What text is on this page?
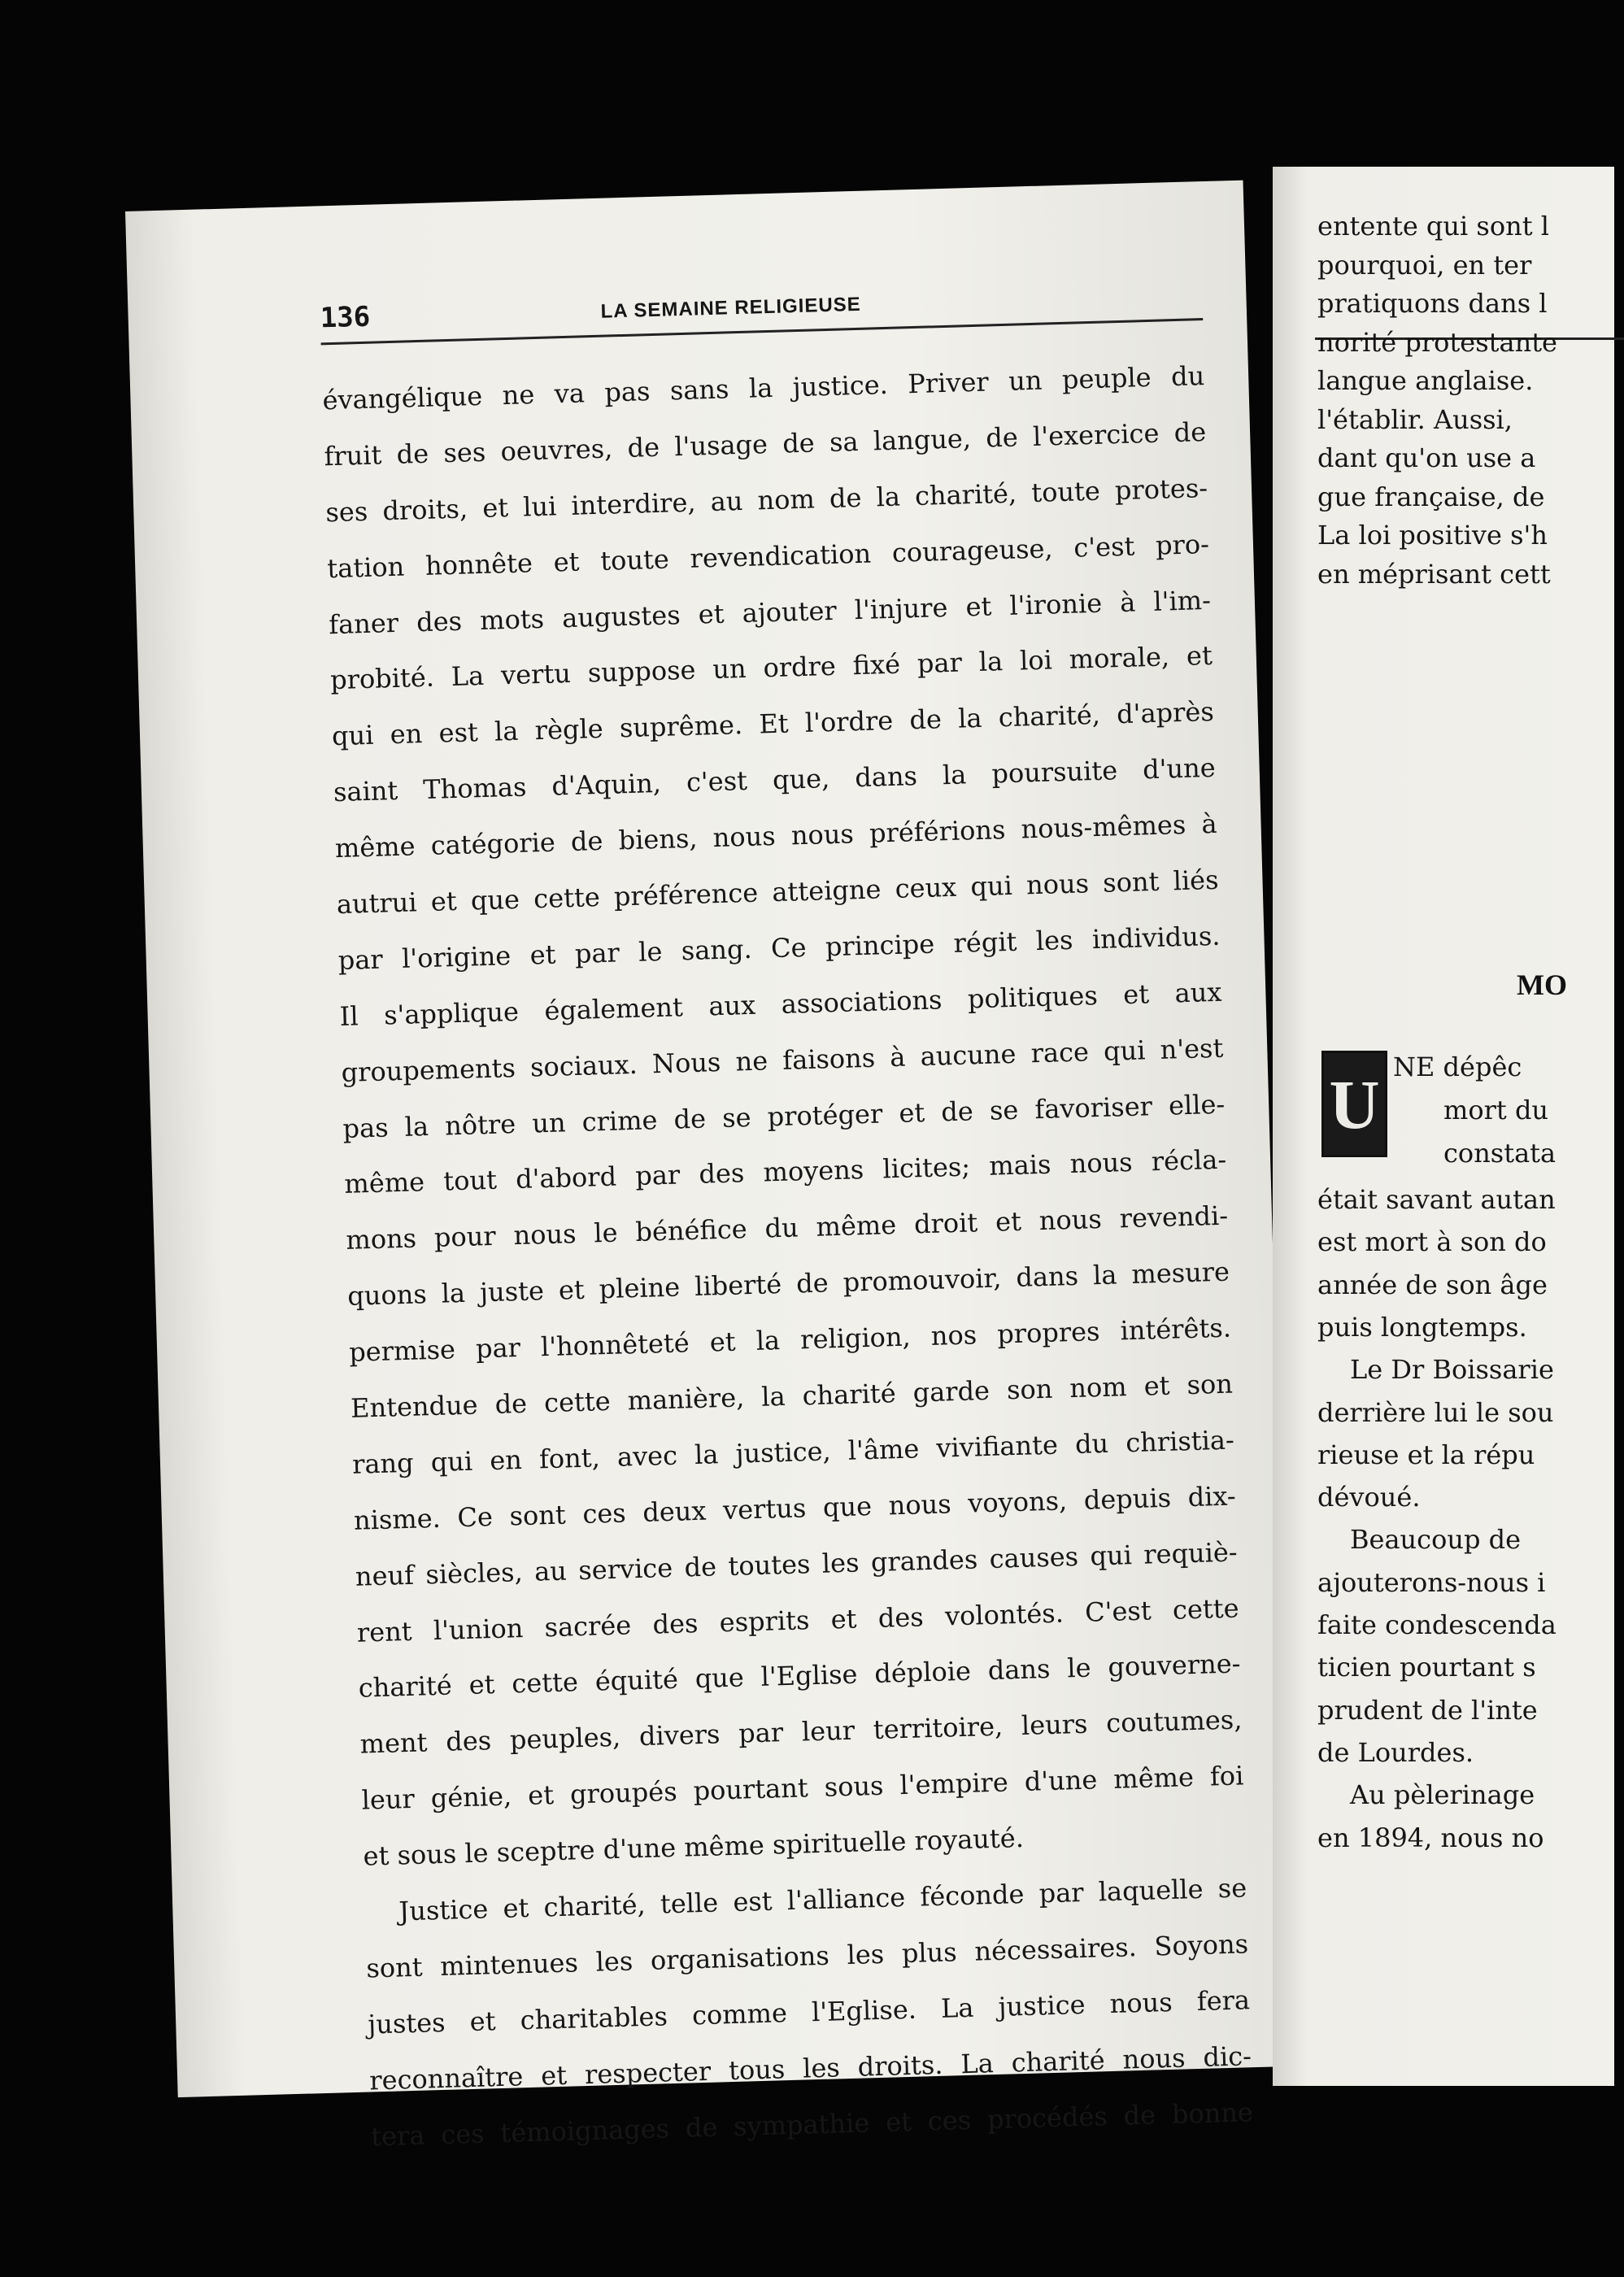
136	LA SEMAINE RELIGIEUSE
évangélique ne va pas sans la justice. Priver un peuple du
fruit de ses oeuvres, de l'usage de sa langue, de l'exercice de
ses droits, et lui interdire, au nom de la charité, toute protes-
tation honnête et toute revendication courageuse, c'est pro-
faner des mots augustes et ajouter l'injure et l'ironie à l'im-
probité. La vertu suppose un ordre fixé par la loi morale, et
qui en est la règle suprême. Et l'ordre de la charité, d'après
saint Thomas d'Aquin, c'est que, dans la poursuite d'une
même catégorie de biens, nous nous préférions nous-mêmes à
autrui et que cette préférence atteigne ceux qui nous sont liés
par l'origine et par le sang. Ce principe régit les individus.
Il s'applique également aux associations politiques et aux
groupements sociaux. Nous ne faisons à aucune race qui n'est
pas la nôtre un crime de se protéger et de se favoriser elle-
même tout d'abord par des moyens licites; mais nous récla-
mons pour nous le bénéfice du même droit et nous revendi-
quons la juste et pleine liberté de promouvoir, dans la mesure
permise par l'honnêteté et la religion, nos propres intérêts.
Entendue de cette manière, la charité garde son nom et son
rang qui en font, avec la justice, l'âme vivifiante du christia-
nisme. Ce sont ces deux vertus que nous voyons, depuis dix-
neuf siècles, au service de toutes les grandes causes qui requiè-
rent l'union sacrée des esprits et des volontés. C'est cette
charité et cette équité que l'Eglise déploie dans le gouverne-
ment des peuples, divers par leur territoire, leurs coutumes,
leur génie, et groupés pourtant sous l'empire d'une même foi
et sous le sceptre d'une même spirituelle royauté.
Justice et charité, telle est l'alliance féconde par laquelle se
sont mintenues les organisations les plus nécessaires. Soyons
justes et charitables comme l'Eglise. La justice nous fera
reconnaître et respecter tous les droits. La charité nous dic-
tera ces témoignages de sympathie et ces procédés de bonne
entente qui sont l
pourquoi, en ter
pratiquons dans l
norité protestante
langue anglaise.
l'établir. Aussi,
dant qu'on use a
gue française, de
La loi positive s'h
en méprisant cett
NE dépêc
mort du
constata
était savant autan
est mort à son do
année de son âge
puis longtemps.
Le Dr Boissarie
derrière lui le sou
rieuse et la répu
dévoué.
Beaucoup de
ajouterons-nous i
faite condescenda
ticien pourtant s
prudent de l'inte
de Lourdes.
Au pèlerinage
en 1894, nous no
MO
U
